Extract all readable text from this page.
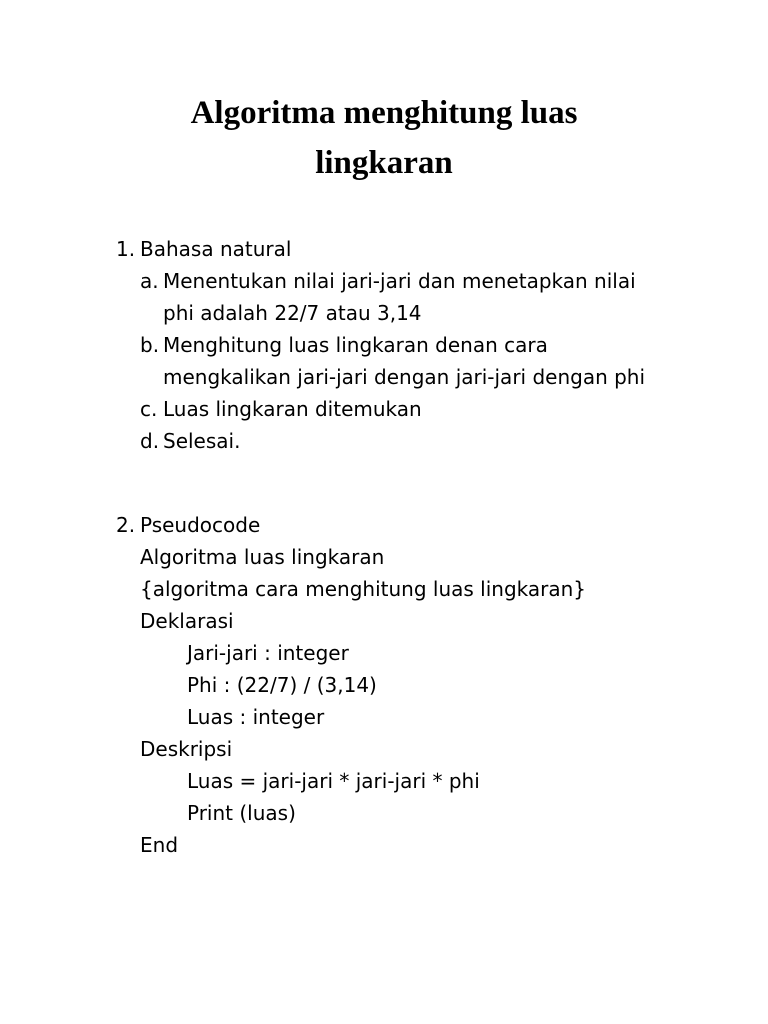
Algoritma menghitung luas
lingkaran
1. Bahasa natural
a. Menentukan nilai jari-jari dan menetapkan nilai
phi adalah 22/7 atau 3,14
b. Menghitung luas lingkaran denan cara
mengkalikan jari-jari dengan jari-jari dengan phi
c. Luas lingkaran ditemukan
d. Selesai.
2. Pseudocode
Algoritma luas lingkaran
{algoritma cara menghitung luas lingkaran}
Deklarasi
Jari-jari : integer
Phi : (22/7) / (3,14)
Luas : integer
Deskripsi
Luas = jari-jari * jari-jari * phi
Print (luas)
End
